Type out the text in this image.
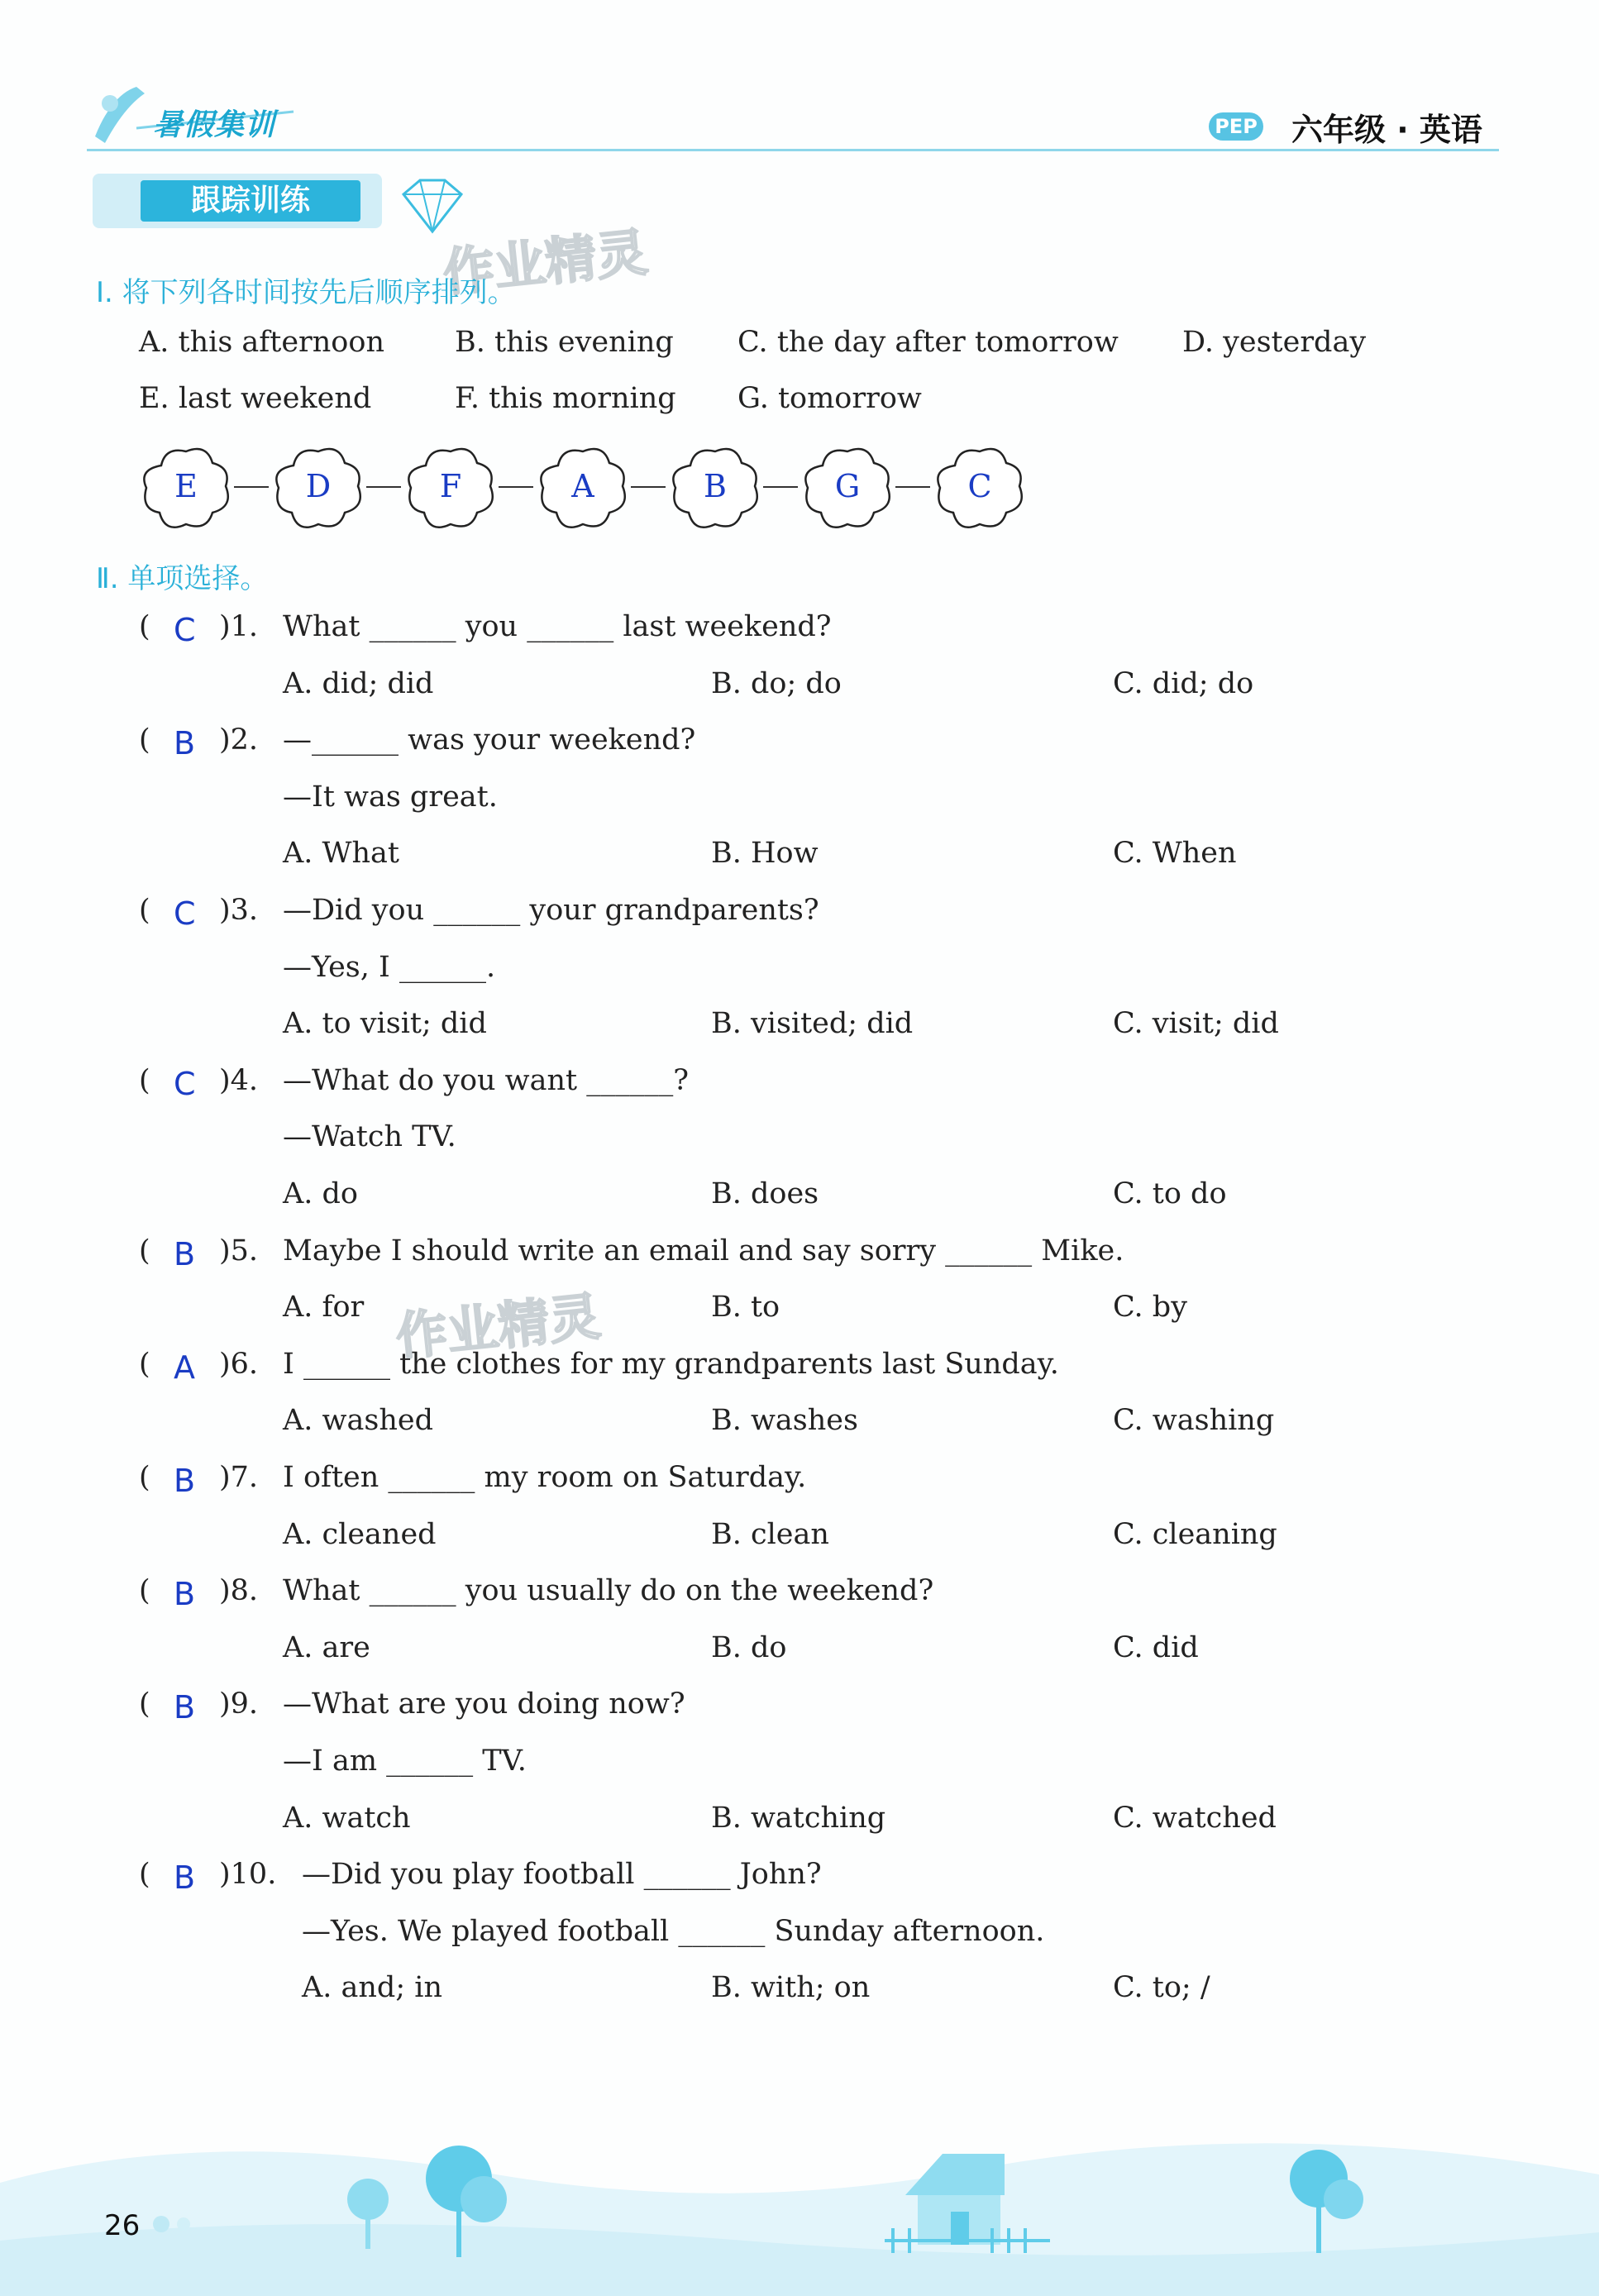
暑假集训	PEP 六年级 · 英语
跟踪训练
作业精灵
作业精灵
Ⅰ. 将下列各时间按先后顺序排列。
A. this afternoon B. this evening C. the day after tomorrow D. yesterday
E. last weekend	F. this morning G. tomorrow
E	D	F	A	B	G	C
Ⅱ. 单项选择。
( C )1. What ______ you ______ last weekend?
A. did; did	B. do; do	C. did; do
( B )2. —______ was your weekend?
—It was great.
A. What	B. How	C. When
( C )3. —Did you ______ your grandparents?
—Yes, I ______.
A. to visit; did	B. visited; did	C. visit; did
( C )4. —What do you want ______?
—Watch TV.
A. do	B. does	C. to do
( B )5. Maybe I should write an email and say sorry ______ Mike.
A. for	B. to	C. by
( A )6. I ______ the clothes for my grandparents last Sunday.
A. washed	B. washes	C. washing
( B )7. I often ______ my room on Saturday.
A. cleaned	B. clean	C. cleaning
( B )8. What ______ you usually do on the weekend?
A. are	B. do	C. did
( B )9. —What are you doing now?
—I am ______ TV.
A. watch	B. watching	C. watched
( B )10. —Did you play football ______ John?
—Yes. We played football ______ Sunday afternoon.
A. and; in	B. with; on	C. to; /
26
